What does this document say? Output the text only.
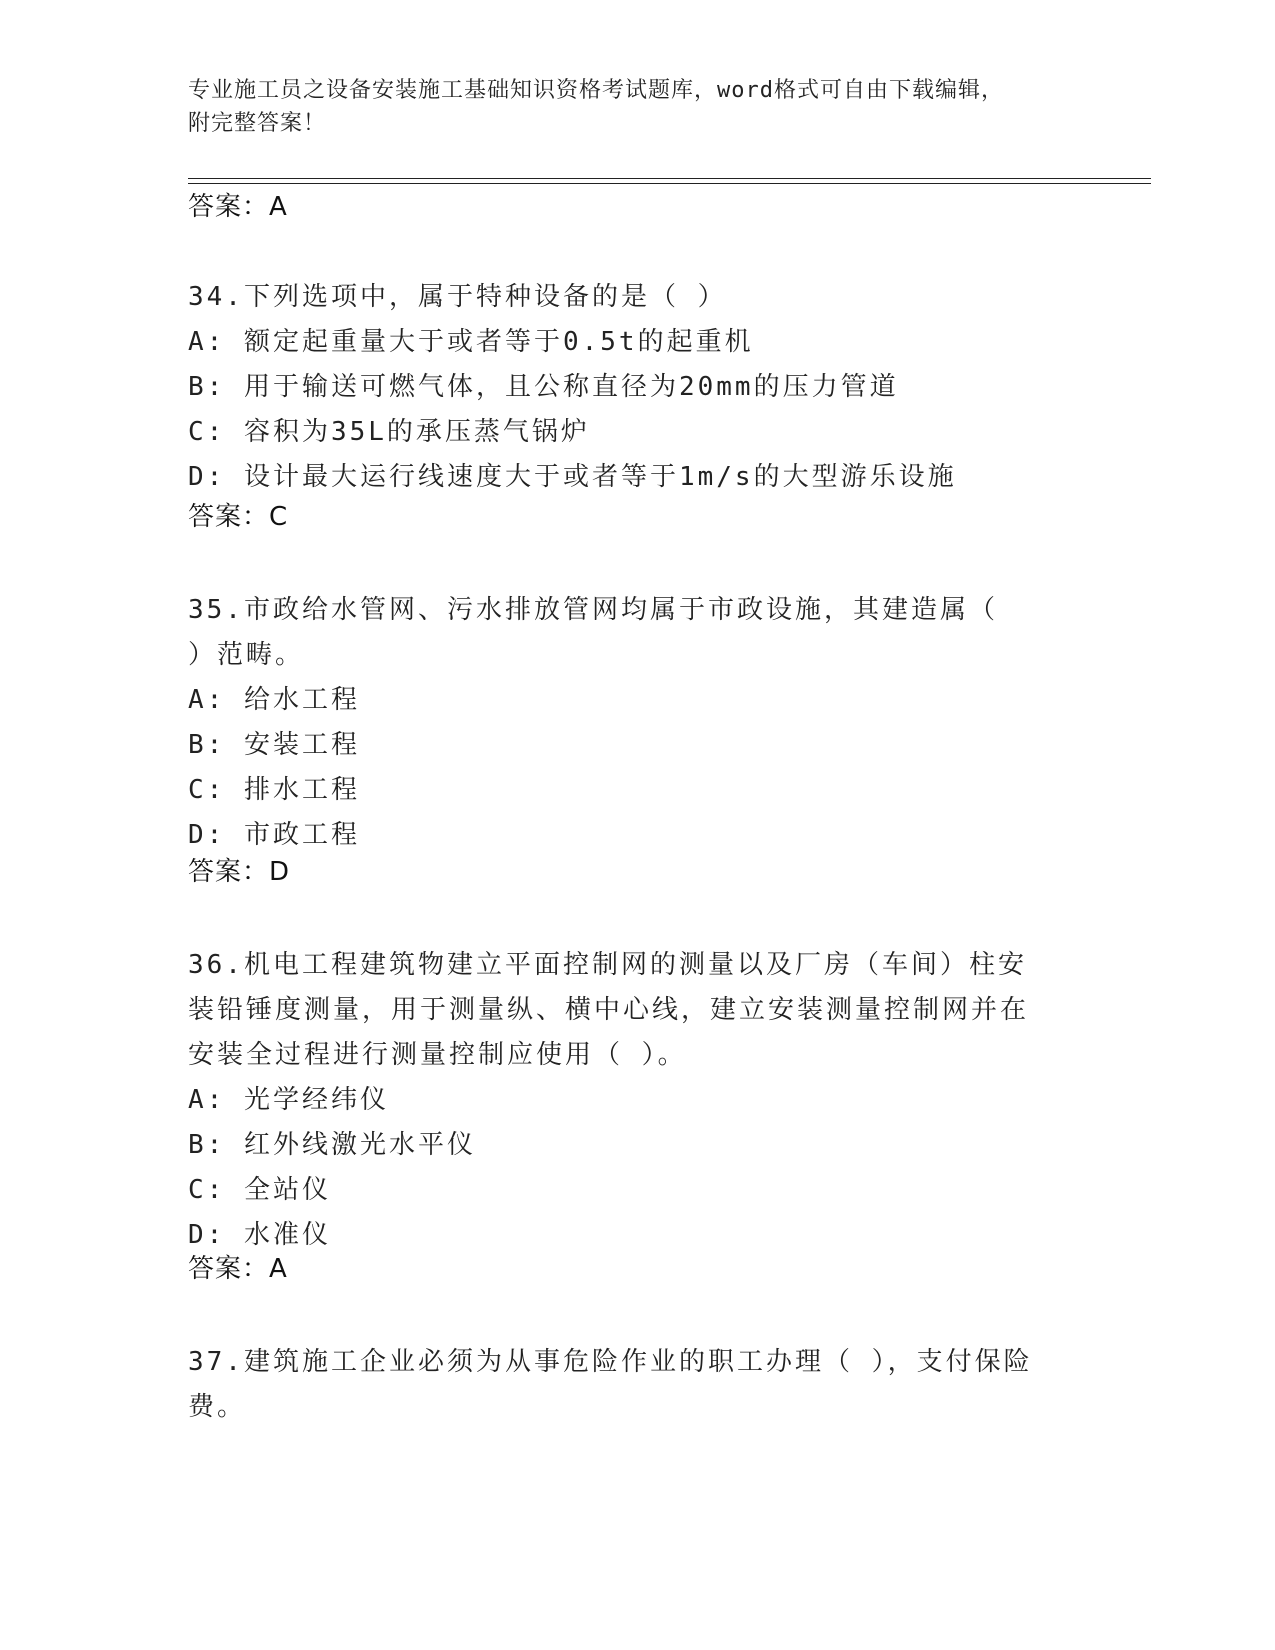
专业施工员之设备安装施工基础知识资格考试题库，word格式可自由下载编辑，
附完整答案！
答案：A
34.下列选项中，属于特种设备的是（ ）
A: 额定起重量大于或者等于0.5t的起重机
B: 用于输送可燃气体，且公称直径为20mm的压力管道
C: 容积为35L的承压蒸气锅炉
D: 设计最大运行线速度大于或者等于1m/s的大型游乐设施
答案：C
35.市政给水管网、污水排放管网均属于市政设施，其建造属（ ）范畴。
A: 给水工程
B: 安装工程
C: 排水工程
D: 市政工程
答案：D
36.机电工程建筑物建立平面控制网的测量以及厂房（车间）柱安装铅锤度测量，用于测量纵、横中心线，建立安装测量控制网并在安装全过程进行测量控制应使用（ ）。
A: 光学经纬仪
B: 红外线激光水平仪
C: 全站仪
D: 水准仪
答案：A
37.建筑施工企业必须为从事危险作业的职工办理（ ），支付保险费。
